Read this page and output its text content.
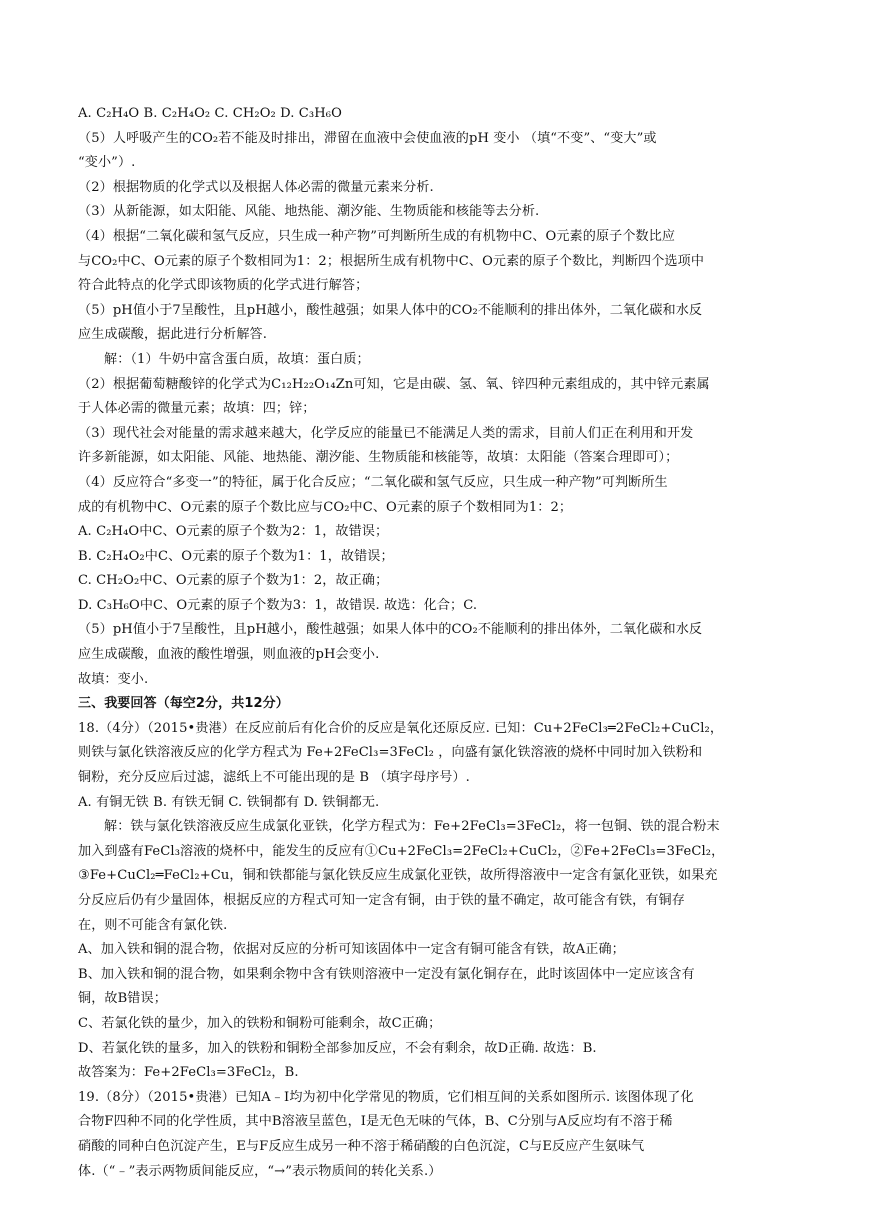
A. C₂H₄O B. C₂H₄O₂ C. CH₂O₂ D. C₃H₆O
（5）人呼吸产生的CO₂若不能及时排出，滞留在血液中会使血液的pH 变小 （填“不变”、“变大”或
“变小”）.
（2）根据物质的化学式以及根据人体必需的微量元素来分析.
（3）从新能源，如太阳能、风能、地热能、潮汐能、生物质能和核能等去分析.
（4）根据“二氧化碳和氢气反应，只生成一种产物”可判断所生成的有机物中C、O元素的原子个数比应
与CO₂中C、O元素的原子个数相同为1：2；根据所生成有机物中C、O元素的原子个数比，判断四个选项中
符合此特点的化学式即该物质的化学式进行解答；
（5）pH值小于7呈酸性，且pH越小，酸性越强；如果人体中的CO₂不能顺利的排出体外，二氧化碳和水反
应生成碳酸，据此进行分析解答.
解：（1）牛奶中富含蛋白质，故填：蛋白质；
（2）根据葡萄糖酸锌的化学式为C₁₂H₂₂O₁₄Zn可知，它是由碳、氢、氧、锌四种元素组成的，其中锌元素属
于人体必需的微量元素；故填：四；锌；
（3）现代社会对能量的需求越来越大，化学反应的能量已不能满足人类的需求，目前人们正在利用和开发
许多新能源，如太阳能、风能、地热能、潮汐能、生物质能和核能等，故填：太阳能（答案合理即可）；
（4）反应符合“多变一”的特征，属于化合反应；“二氧化碳和氢气反应，只生成一种产物”可判断所生
成的有机物中C、O元素的原子个数比应与CO₂中C、O元素的原子个数相同为1：2；
A. C₂H₄O中C、O元素的原子个数为2：1，故错误；
B. C₂H₄O₂中C、O元素的原子个数为1：1，故错误；
C. CH₂O₂中C、O元素的原子个数为1：2，故正确；
D. C₃H₆O中C、O元素的原子个数为3：1，故错误. 故选：化合；C.
（5）pH值小于7呈酸性，且pH越小，酸性越强；如果人体中的CO₂不能顺利的排出体外，二氧化碳和水反
应生成碳酸，血液的酸性增强，则血液的pH会变小.
故填：变小.
三、我要回答（每空2分，共12分）
18.（4分）（2015•贵港）在反应前后有化合价的反应是氧化还原反应. 已知：Cu+2FeCl₃═2FeCl₂+CuCl₂，
则铁与氯化铁溶液反应的化学方程式为 Fe+2FeCl₃=3FeCl₂ ，向盛有氯化铁溶液的烧杯中同时加入铁粉和
铜粉，充分反应后过滤，滤纸上不可能出现的是 B （填字母序号）.
A. 有铜无铁 B. 有铁无铜 C. 铁铜都有 D. 铁铜都无.
解：铁与氯化铁溶液反应生成氯化亚铁，化学方程式为：Fe+2FeCl₃=3FeCl₂，将一包铜、铁的混合粉末
加入到盛有FeCl₃溶液的烧杯中，能发生的反应有①Cu+2FeCl₃=2FeCl₂+CuCl₂，②Fe+2FeCl₃=3FeCl₂，
③Fe+CuCl₂═FeCl₂+Cu，铜和铁都能与氯化铁反应生成氯化亚铁，故所得溶液中一定含有氯化亚铁，如果充
分反应后仍有少量固体，根据反应的方程式可知一定含有铜，由于铁的量不确定，故可能含有铁，有铜存
在，则不可能含有氯化铁.
A、加入铁和铜的混合物，依据对反应的分析可知该固体中一定含有铜可能含有铁，故A正确；
B、加入铁和铜的混合物，如果剩余物中含有铁则溶液中一定没有氯化铜存在，此时该固体中一定应该含有
铜，故B错误；
C、若氯化铁的量少，加入的铁粉和铜粉可能剩余，故C正确；
D、若氯化铁的量多，加入的铁粉和铜粉全部参加反应，不会有剩余，故D正确. 故选：B.
故答案为：Fe+2FeCl₃=3FeCl₂，B.
19.（8分）（2015•贵港）已知A﹣I均为初中化学常见的物质，它们相互间的关系如图所示. 该图体现了化
合物F四种不同的化学性质，其中B溶液呈蓝色，I是无色无味的气体，B、C分别与A反应均有不溶于稀
硝酸的同种白色沉淀产生，E与F反应生成另一种不溶于稀硝酸的白色沉淀，C与E反应产生氨味气
体.（“﹣”表示两物质间能反应，“→”表示物质间的转化关系.）
